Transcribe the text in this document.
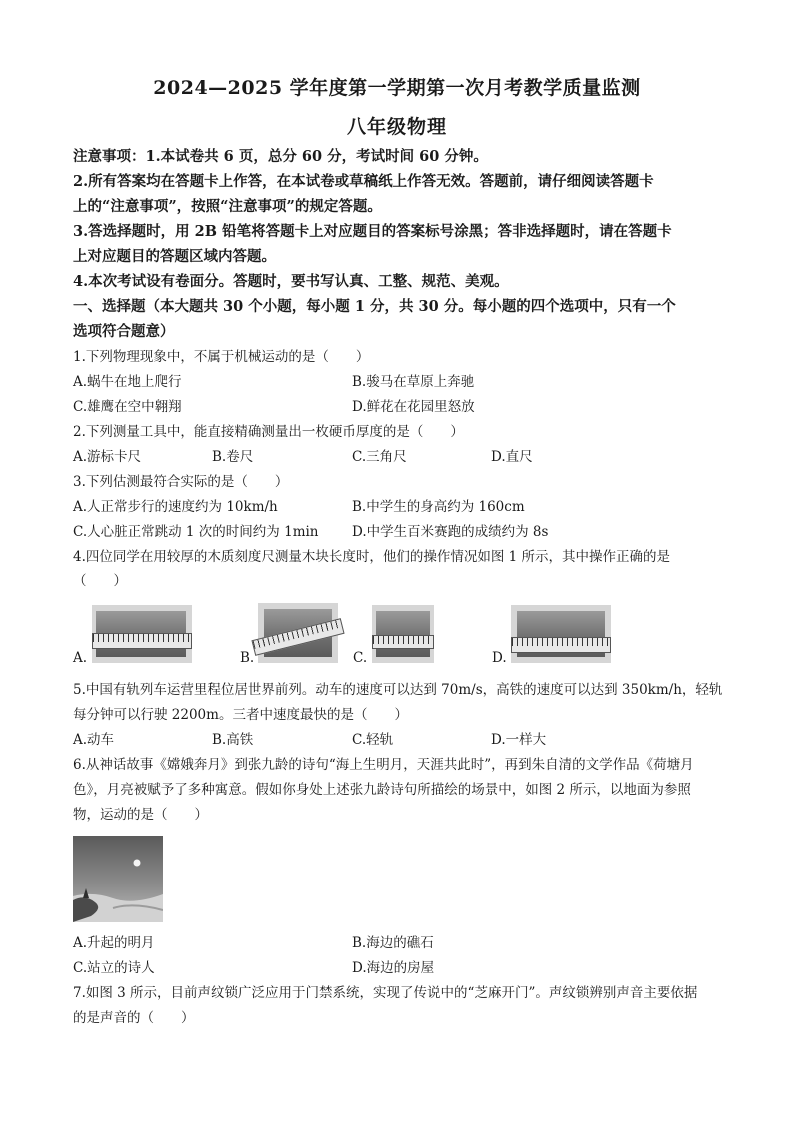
2024—2025 学年度第一学期第一次月考教学质量监测
八年级物理
注意事项：1.本试卷共 6 页，总分 60 分，考试时间 60 分钟。
2.所有答案均在答题卡上作答，在本试卷或草稿纸上作答无效。答题前，请仔细阅读答题卡
上的“注意事项”，按照“注意事项”的规定答题。
3.答选择题时，用 2B 铅笔将答题卡上对应题目的答案标号涂黑；答非选择题时，请在答题卡
上对应题目的答题区域内答题。
4.本次考试设有卷面分。答题时，要书写认真、工整、规范、美观。
一、选择题（本大题共 30 个小题，每小题 1 分，共 30 分。每小题的四个选项中，只有一个
选项符合题意）
1.下列物理现象中，不属于机械运动的是（　　）
A.蜗牛在地上爬行	B.骏马在草原上奔驰
C.雄鹰在空中翱翔	D.鲜花在花园里怒放
2.下列测量工具中，能直接精确测量出一枚硬币厚度的是（　　）
A.游标卡尺	B.卷尺	C.三角尺	D.直尺
3.下列估测最符合实际的是（　　）
A.人正常步行的速度约为 10km/h	B.中学生的身高约为 160cm
C.人心脏正常跳动 1 次的时间约为 1min D.中学生百米赛跑的成绩约为 8s
4.四位同学在用较厚的木质刻度尺测量木块长度时，他们的操作情况如图 1 所示，其中操作正确的是
（　　）
A.	B.	C.	D.
5.中国有轨列车运营里程位居世界前列。动车的速度可以达到 70m/s，高铁的速度可以达到 350km/h，轻轨
每分钟可以行驶 2200m。三者中速度最快的是（　　）
A.动车	B.高铁	C.轻轨	D.一样大
6.从神话故事《嫦娥奔月》到张九龄的诗句“海上生明月，天涯共此时”，再到朱自清的文学作品《荷塘月
色》，月亮被赋予了多种寓意。假如你身处上述张九龄诗句所描绘的场景中，如图 2 所示，以地面为参照
物，运动的是（　　）
A.升起的明月	B.海边的礁石
C.站立的诗人	D.海边的房屋
7.如图 3 所示，目前声纹锁广泛应用于门禁系统，实现了传说中的“芝麻开门”。声纹锁辨别声音主要依据
的是声音的（　　）
